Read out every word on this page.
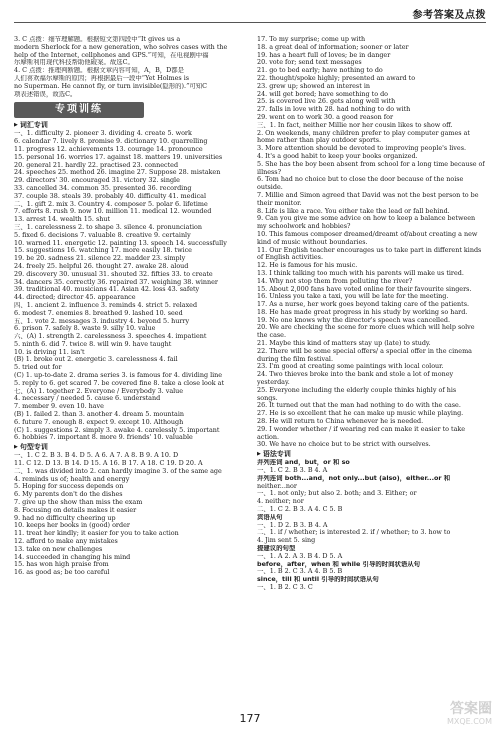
参考答案及点拨
3. C 点拨：细节理解题。根据短文第四段中“It gives us a
modern Sherlock for a new generation, who solves cases with the
help of the Internet, cellphones and GPS.”可知，在电视剧中福
尔摩斯利用现代科技帮助他破案。故选C。
4. C 点拨：推理判断题。根据文章内容可知，A，B，D都是
人们喜欢福尔摩斯的原因；再根据最后一段中“Yet Holmes is
no Superman. He cannot fly, or turn invisible(隐形的).”可知C
项表述错误，故选C。
专项训练
▶ 词汇专训
一、1. difficulty 2. pioneer 3. dividing 4. create 5. work
6. calendar 7. lively 8. promise 9. dictionary 10. quarrelling
11. progress 12. achievements 13. courage 14. pronounce
15. personal 16. worries 17. against 18. matters 19. universities
20. general 21. hardly 22. practised 23. connected
24. speeches 25. method 26. imagine 27. Suppose 28. mistaken
29. directors' 30. encouraged 31. victory 32. single
33. cancelled 34. common 35. presented 36. recording
37. couple 38. steals 39. probably 40. difficulty 41. medical
二、1. gift 2. mix 3. Country 4. composer 5. polar 6. lifetime
7. efforts 8. rush 9. now 10. million 11. medical 12. wounded
13. arrest 14. wealth 15. shut
三、1. carelessness 2. to shape 3. silence 4. pronunciation
5. fixed 6. decisions 7. valuable 8. creative 9. certainly
10. warned 11. energetic 12. painting 13. speech 14. successfully
15. suggestions 16. watching 17. more easily 18. twice
19. be 20. sadness 21. silence 22. madder 23. simply
24. freely 25. helpful 26. thought 27. awake 28. aloud
29. discovery 30. unusual 31. shouted 32. fifties 33. to create
34. dancers 35. correctly 36. repaired 37. weighing 38. winner
39. traditional 40. musicians 41. Asian 42. loss 43. safety
44. directed; director 45. appearance
四、1. ancient 2. influence 3. reminds 4. strict 5. relaxed
6. modest 7. enemies 8. breathed 9. lashed 10. seed
五、1. vote 2. messages 3. industry 4. beyond 5. hurry
6. prison 7. safely 8. waste 9. silly 10. value
六、(A) 1. strength 2. carelessness 3. speeches 4. impatient
5. ninth 6. did 7. twice 8. will win 9. have taught
10. is driving 11. isn't
(B) 1. broke out 2. energetic 3. carelessness 4. fail
5. tried out for
(C) 1. up-to-date 2. drama series 3. is famous for 4. dividing line
5. reply to 6. get scared 7. be covered fine 8. take a close look at
七、(A) 1. together 2. Everyone / Everybody 3. value
4. necessary / needed 5. cause 6. understand
7. member 9. even 10. have
(B) 1. failed 2. than 3. another 4. dream 5. mountain
6. future 7. enough 8. expect 9. except 10. Although
(C) 1. suggestions 2. simply 3. awake 4. carelessly 5. important
6. hobbies 7. important 8. more 9. friends' 10. valuable
▶ 句型专训
一、1. C 2. B 3. B 4. D 5. A 6. A 7. A 8. B 9. A 10. D
11. C 12. D 13. B 14. D 15. A 16. B 17. A 18. C 19. D 20. A
二、1. was divided into 2. can hardly imagine 3. of the same age
4. reminds us of; health and energy
5. Hoping for success depends on
6. My parents don't do the dishes
7. give up the show than miss the exam
8. Focusing on details makes it easier
9. had no difficulty cheering up
10. keeps her books in (good) order
11. treat her kindly; it easier for you to take action
12. afford to make any mistakes
13. take on new challenges
14. succeeded in changing his mind
15. has won high praise from
16. as good as; be too careful
17. To my surprise; come up with
18. a great deal of information; sooner or later
19. has a heart full of loves; be in danger
20. vote for; send text messages
21. go to bed early; have nothing to do
22. thought/spoke highly; presented an award to
23. grew up; showed an interest in
24. will get bored; have something to do
25. is covered live 26. gets along well with
27. falls in love with 28. had nothing to do with
29. went on to work 30. a good reason for
三、1. In fact, neither Millie nor her cousin likes to show off.
2. On weekends, many children prefer to play computer games at
home rather than play outdoor sports.
3. More attention should be devoted to improving people's lives.
4. It's a good habit to keep your books organized.
5. She has the boy been absent from school for a long time because of
illness?
6. Tom had no choice but to close the door because of the noise
outside.
7. Millie and Simon agreed that David was not the best person to be
their monitor.
8. Life is like a race. You either take the lead or fall behind.
9. Can you give me some advice on how to keep a balance between
my schoolwork and hobbies?
10. This famous composer dreamed/dreamt of/about creating a new
kind of music without boundaries.
11. Our English teacher encourages us to take part in different kinds
of English activities.
12. He is famous for his music.
13. I think talking too much with his parents will make us tired.
14. Why not stop them from polluting the river?
15. About 2,000 fans have voted online for their favourite singers.
16. Unless you take a taxi, you will be late for the meeting.
17. As a nurse, her work goes beyond taking care of the patients.
18. He has made great progress in his study by working so hard.
19. No one knows why the director's speech was cancelled.
20. We are checking the scene for more clues which will help solve
the case.
21. Maybe this kind of matters stay up (late) to study.
22. There will be some special offers/ a special offer in the cinema
during the film festival.
23. I'm good at creating some paintings with local colour.
24. Two thieves broke into the bank and stole a lot of money
yesterday.
25. Everyone including the elderly couple thinks highly of his
songs.
26. It turned out that the man had nothing to do with the case.
27. He is so excellent that he can make up music while playing.
28. He will return to China whenever he is needed.
29. I wonder whether / if wearing red can make it easier to take
action.
30. We have no choice but to be strict with ourselves.
▶ 语法专训
并列连词 and，but，or 和 so
一、1. C 2. B 3. B 4. A
并列连词 both...and，not only...but (also)，either...or 和
neither...nor
一、1. not only; but also 2. both; and 3. Either; or
4. neither; nor
二、1. C 2. B 3. A 4. C 5. B
宾语从句
一、1. D 2. B 3. B 4. A
二、1. if / whether; is interested 2. if / whether; to 3. how to
4. Jim sent 5. sing
提建议的句型
一、1. A 2. A 3. B 4. D 5. A
before，after，when 和 while 引导的时间状语从句
一、1. B 2. C 3. A 4. B 5. B
since，till 和 until 引导的时间状语从句
一、1. B 2. C 3. C
177
答案圈
MXQE.COM
